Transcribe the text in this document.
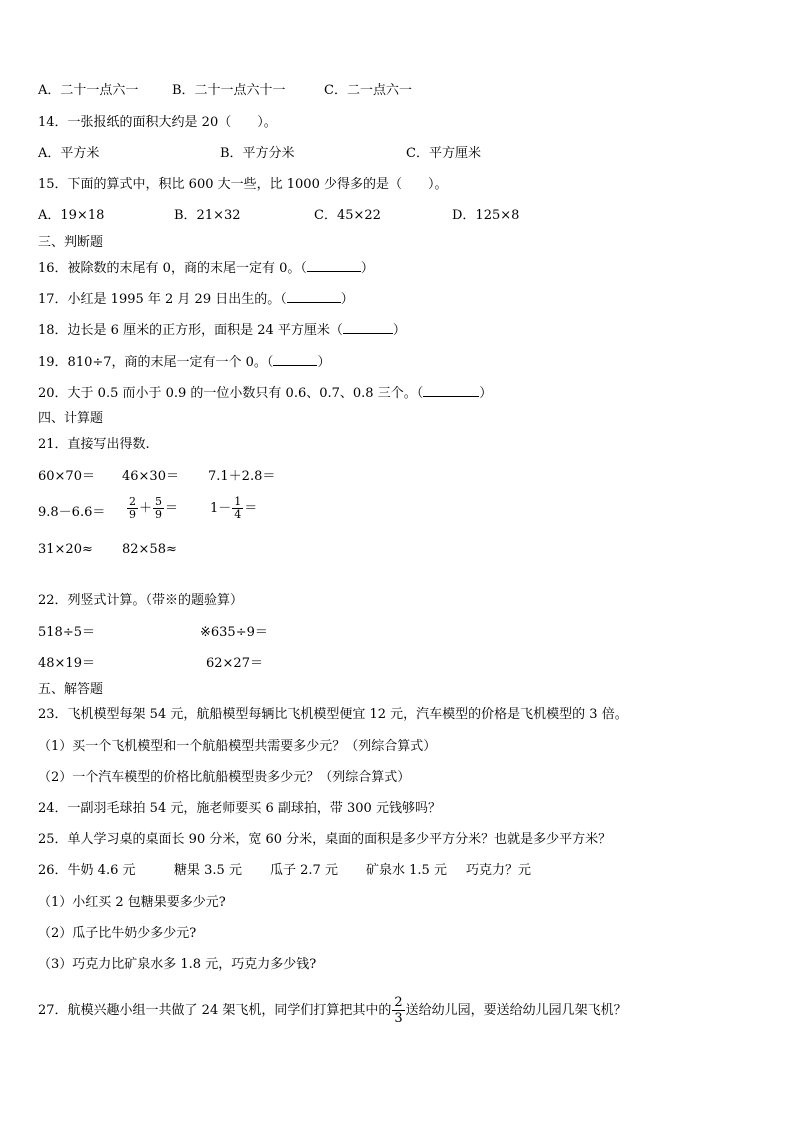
A．二十一点六一	B．二十一点六十一	C．二一点六一
14．一张报纸的面积大约是 20（　　）。
A．平方米	B．平方分米	C．平方厘米
15．下面的算式中，积比 600 大一些，比 1000 少得多的是（　　）。
A．19×18	B．21×32	C．45×22	D．125×8
三、判断题
16．被除数的末尾有 0，商的末尾一定有 0。（	）
17．小红是 1995 年 2 月 29 日出生的。（	）
18．边长是 6 厘米的正方形，面积是 24 平方厘米（	）
19．810÷7，商的末尾一定有一个 0。（	）
20．大于 0.5 而小于 0.9 的一位小数只有 0.6、0.7、0.8 三个。（	）
四、计算题
21．直接写出得数.
60×70＝ 46×30＝ 7.1＋2.8＝
$9.8-6.6= \frac{2}{9} + \frac{5}{9} = 1- \frac{1}{4}$ ＝
31×20≈ 82×58≈
22．列竖式计算。（带※的题验算）
518÷5＝	※635÷9＝
48×19＝	62×27＝
五、解答题
23．飞机模型每架 54 元，航船模型每辆比飞机模型便宜 12 元，汽车模型的价格是飞机模型的 3 倍。
（1）买一个飞机模型和一个航船模型共需要多少元？（列综合算式）
（2）一个汽车模型的价格比航船模型贵多少元？（列综合算式）
24．一副羽毛球拍 54 元，施老师要买 6 副球拍，带 300 元钱够吗？
25．单人学习桌的桌面长 90 分米，宽 60 分米，桌面的面积是多少平方分米？也就是多少平方米？
26．牛奶 4.6 元	糖果 3.5 元 瓜子 2.7 元 矿泉水 1.5 元 巧克力？元
（1）小红买 2 包糖果要多少元?
（2）瓜子比牛奶少多少元?
（3）巧克力比矿泉水多 1.8 元，巧克力多少钱?
27．航模兴趣小组一共做了 24 架飞机，同学们打算把其中的 $\frac{2}{3}$ 送给幼儿园，要送给幼儿园几架飞机？
